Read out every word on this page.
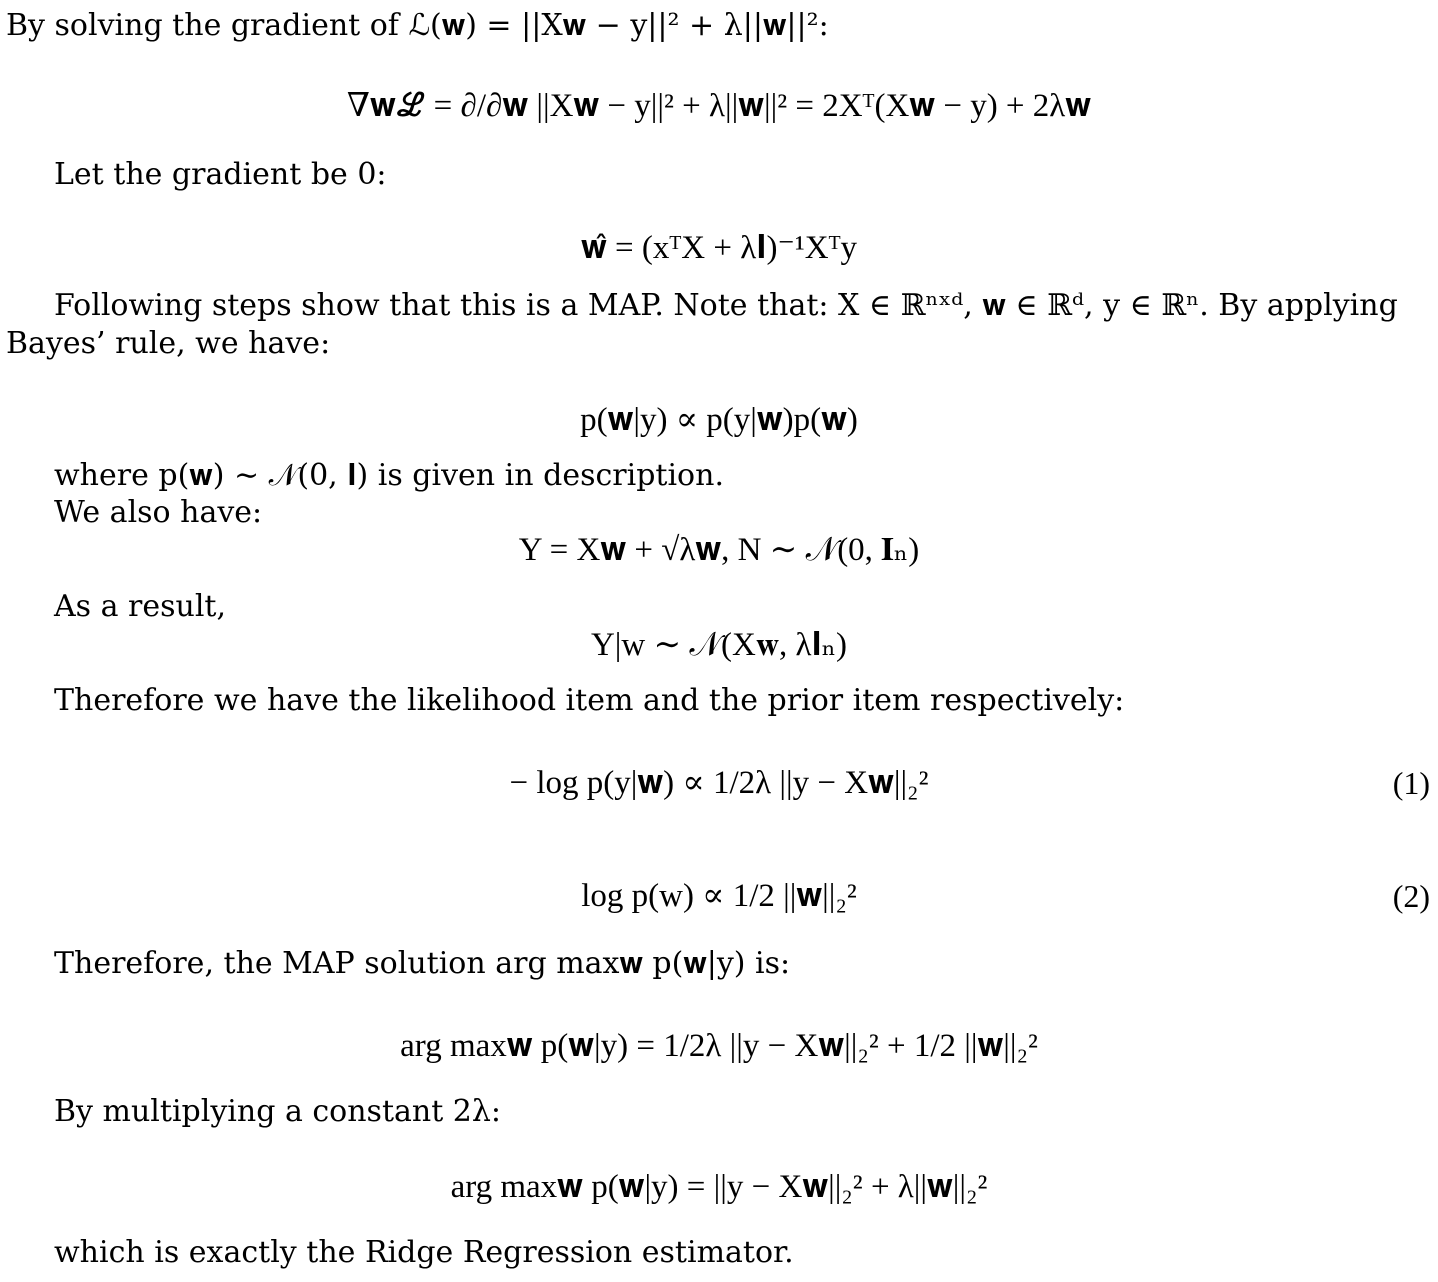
By solving the gradient of ℒ(𝐰) = ||X𝐰 − y||² + λ||𝐰||²:
∇𝐰ℒ = ∂/∂𝐰 ||X𝐰 − y||² + λ||𝐰||² = 2Xᵀ(X𝐰 − y) + 2λ𝐰
Let the gradient be 0:
𝐰̂ = (xᵀX + λ𝐈)⁻¹Xᵀy
Following steps show that this is a MAP. Note that: X ∈ ℝⁿˣᵈ, 𝐰 ∈ ℝᵈ, y ∈ ℝⁿ. By applying Bayes’ rule, we have:
p(𝐰|y) ∝ p(y|𝐰)p(𝐰)
where p(𝐰) ∼ 𝒩(0, 𝐈) is given in description.
We also have:
Y = X𝐰 + √λ𝐰, N ∼ 𝒩(0, 𝐈ₙ)
As a result,
Y|w ∼ 𝒩(X𝐰, λ𝐈ₙ)
Therefore we have the likelihood item and the prior item respectively:
− log p(y|𝐰) ∝ 1/2λ ||y − X𝐰||₂²	(1)
log p(w) ∝ 1/2 ||𝐰||₂²	(2)
Therefore, the MAP solution arg max𝐰 p(𝐰|y) is:
arg max𝐰 p(𝐰|y) = 1/2λ ||y − X𝐰||₂² + 1/2 ||𝐰||₂²
By multiplying a constant 2λ:
arg max𝐰 p(𝐰|y) = ||y − X𝐰||₂² + λ||𝐰||₂²
which is exactly the Ridge Regression estimator.
